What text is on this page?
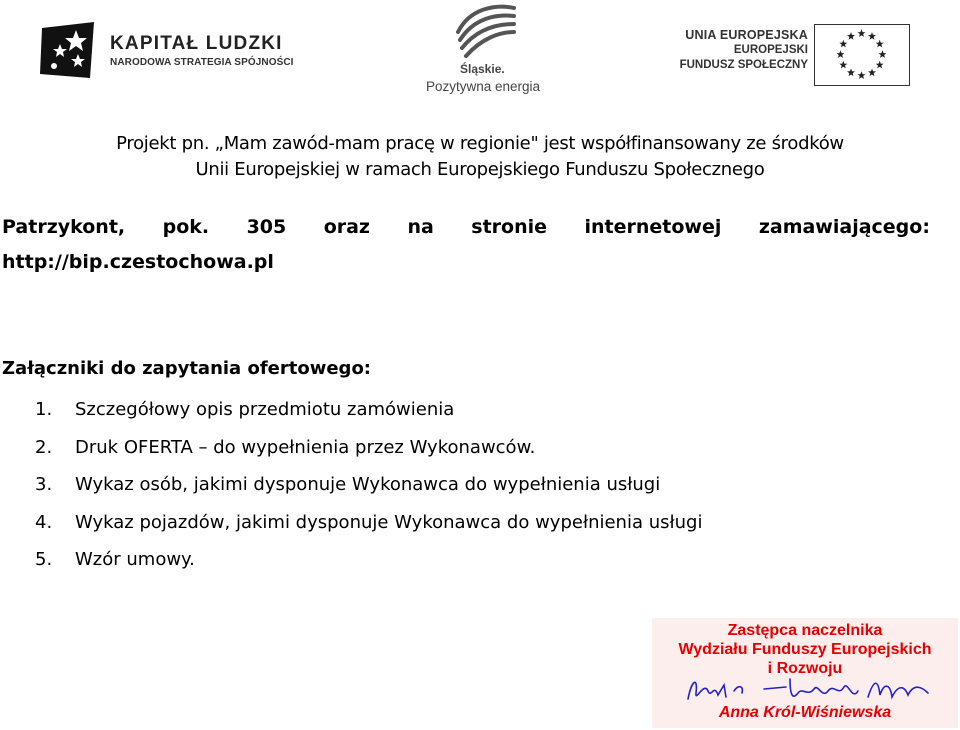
KAPITAŁ LUDZKI
NARODOWA STRATEGIA SPÓJNOŚCI	Śląskie.
Pozytywna energia
UNIA EUROPEJSKA
EUROPEJSKI
FUNDUSZ SPOŁECZNY
Projekt pn. „Mam zawód-mam pracę w regionie" jest współfinansowany ze środków
Unii Europejskiej w ramach Europejskiego Funduszu Społecznego
Patrzykont, pok. 305 oraz na stronie internetowej zamawiającego:
http://bip.czestochowa.pl
Załączniki do zapytania ofertowego:
1.	Szczegółowy opis przedmiotu zamówienia
2.	Druk OFERTA – do wypełnienia przez Wykonawców.
3.	Wykaz osób, jakimi dysponuje Wykonawca do wypełnienia usługi
4.	Wykaz pojazdów, jakimi dysponuje Wykonawca do wypełnienia usługi
5.	Wzór umowy.
Zastępca naczelnika
Wydziału Funduszy Europejskich
i Rozwoju
Anna Król-Wiśniewska
